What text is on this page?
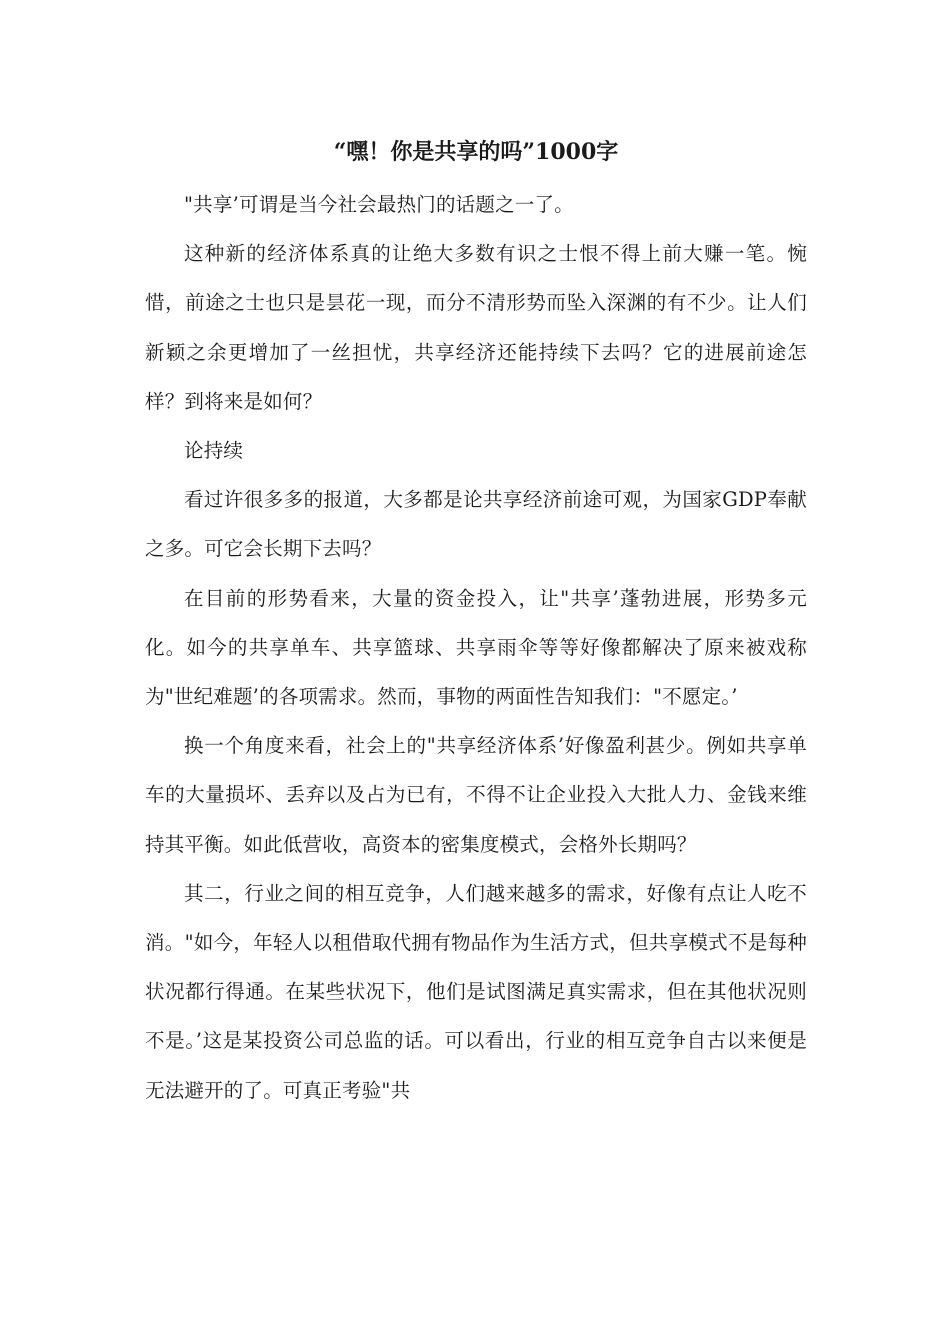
“嘿！你是共享的吗”1000字

"共享’可谓是当今社会最热门的话题之一了。

这种新的经济体系真的让绝大多数有识之士恨不得上前大赚一笔。惋惜，前途之士也只是昙花一现，而分不清形势而坠入深渊的有不少。让人们新颖之余更增加了一丝担忧，共享经济还能持续下去吗？它的进展前途怎样？到将来是如何？

论持续

看过许很多多的报道，大多都是论共享经济前途可观，为国家GDP奉献之多。可它会长期下去吗？

在目前的形势看来，大量的资金投入，让"共享’蓬勃进展，形势多元化。如今的共享单车、共享篮球、共享雨伞等等好像都解决了原来被戏称为"世纪难题’的各项需求。然而，事物的两面性告知我们："不愿定。’

换一个角度来看，社会上的"共享经济体系’好像盈利甚少。例如共享单车的大量损坏、丢弃以及占为已有，不得不让企业投入大批人力、金钱来维持其平衡。如此低营收，高资本的密集度模式，会格外长期吗？

其二，行业之间的相互竞争，人们越来越多的需求，好像有点让人吃不消。"如今，年轻人以租借取代拥有物品作为生活方式，但共享模式不是每种状况都行得通。在某些状况下，他们是试图满足真实需求，但在其他状况则不是。’这是某投资公司总监的话。可以看出，行业的相互竞争自古以来便是无法避开的了。可真正考验"共
